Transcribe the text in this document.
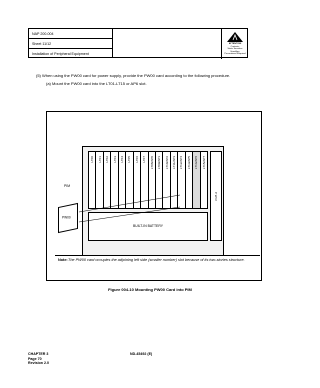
NAP 200-004
Sheet 11/12
Installation of Peripheral Equipment
ATTENTION
Contents
Static Sensitive
Handling
Precautions Required
(5) When using the PW00 card for power supply, provide the PW00 card according to the following procedure.
(a) Mount the PW00 card into the LT01-LT15 or AP6 slot.
PIM
LT00 LT01 LT02 LT03 LT04 LT05 LT06 LT07 LT08/AP0 LT09/AP1 LT10/AP2 LT11/AP3 LT12/AP4 LT13/AP5 LT14/AP6 LT15/AP7
P W R
BUILT-IN BATTERY
PW00
Note: The PW00 card occupies the adjoining left side (smaller number) slot because of its two-stories structure.
Figure 004-10 Mounting PW00 Card into PIM
CHAPTER 3
Page 70
Revision 2.0
ND-45492 (E)
